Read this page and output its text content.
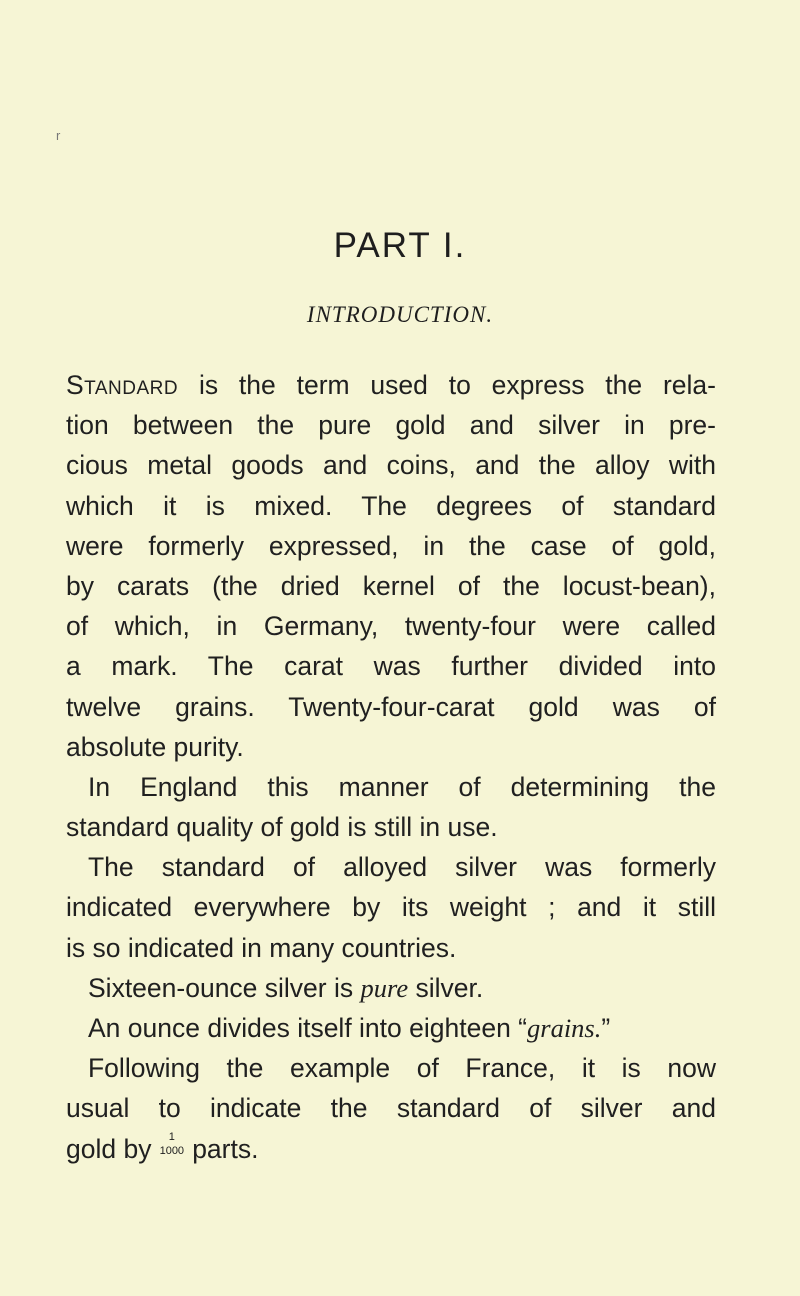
r
PART I.
INTRODUCTION.
Standard is the term used to express the rela-
tion between the pure gold and silver in pre-
cious metal goods and coins, and the alloy with
which it is mixed. The degrees of standard
were formerly expressed, in the case of gold,
by carats (the dried kernel of the locust-bean),
of which, in Germany, twenty-four were called
a mark. The carat was further divided into
twelve grains. Twenty-four-carat gold was of
absolute purity.
In England this manner of determining the
standard quality of gold is still in use.
The standard of alloyed silver was formerly
indicated everywhere by its weight ; and it still
is so indicated in many countries.
Sixteen-ounce silver is pure silver.
An ounce divides itself into eighteen “grains.”
Following the example of France, it is now
usual to indicate the standard of silver and
gold by 1
1000 parts.
